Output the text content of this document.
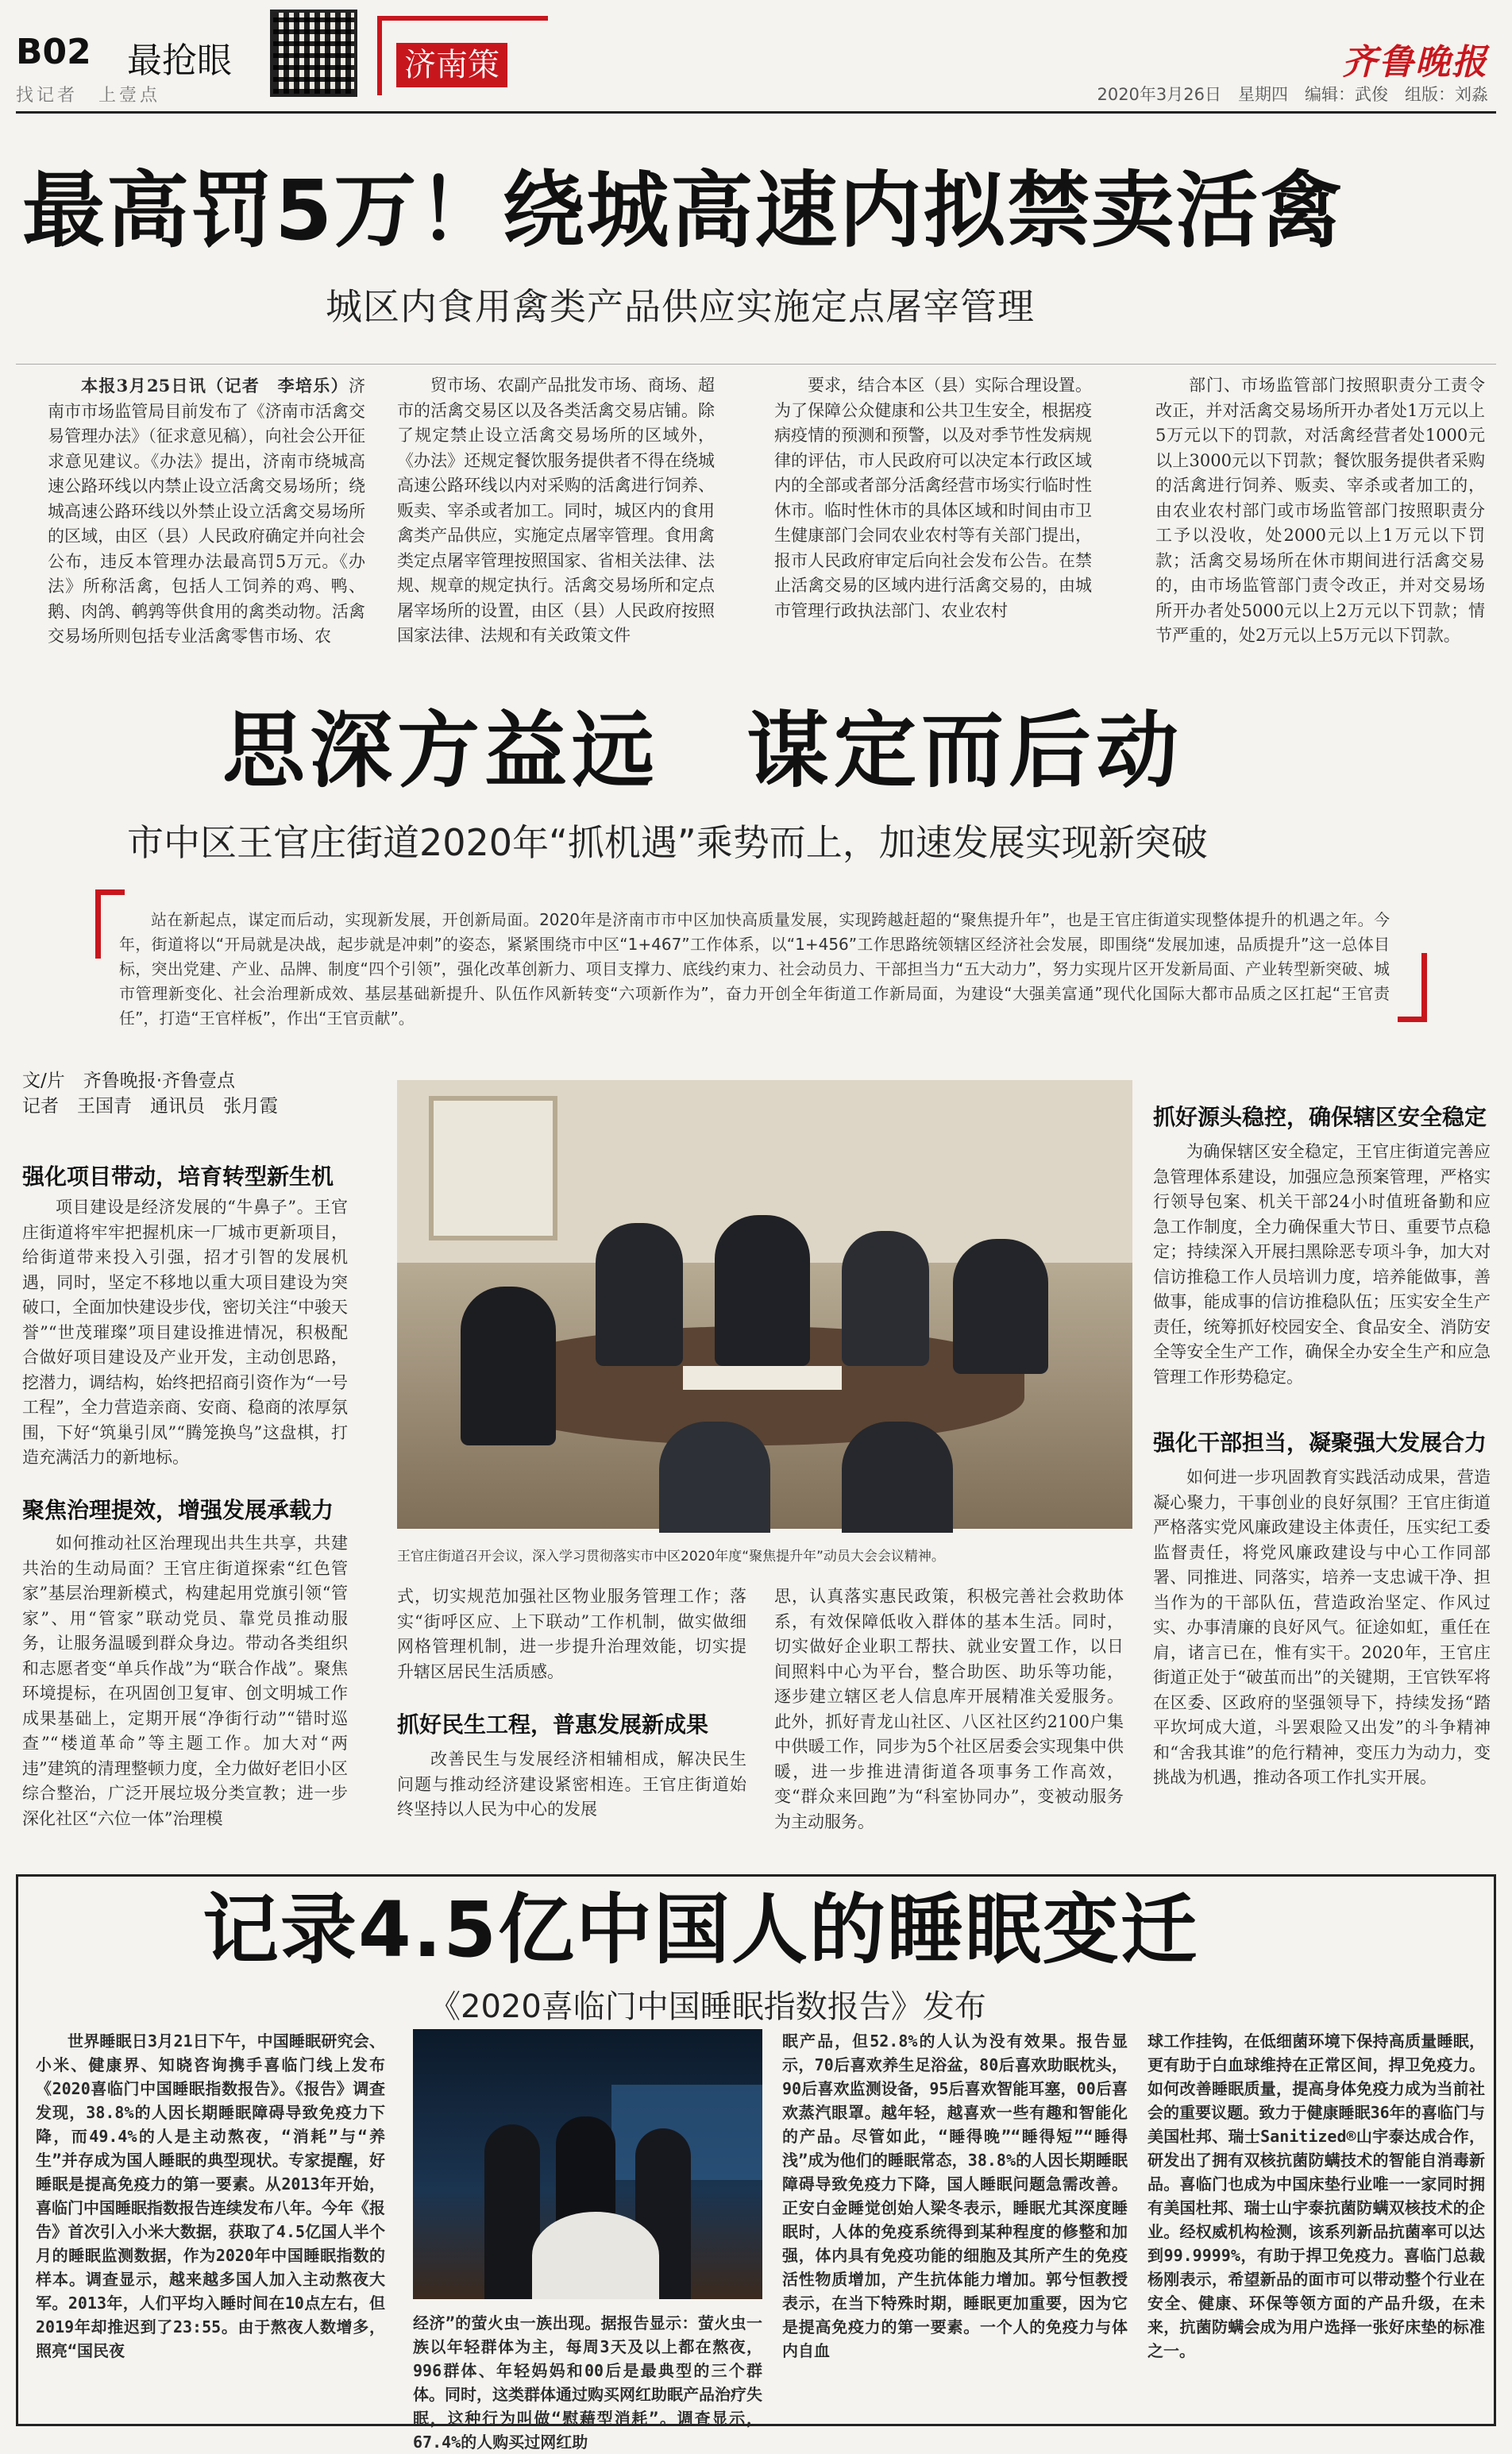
B02 最抢眼	济南策
找记者　上壹点
齐鲁晚报
2020年3月26日　星期四　编辑：武俊　组版：刘淼
最高罚5万！绕城高速内拟禁卖活禽
城区内食用禽类产品供应实施定点屠宰管理

本报3月25日讯（记者　李培乐）济南市市场监管局目前发布了《济南市活禽交易管理办法》（征求意见稿），向社会公开征求意见建议。《办法》提出，济南市绕城高速公路环线以内禁止设立活禽交易场所；绕城高速公路环线以外禁止设立活禽交易场所的区域，由区（县）人民政府确定并向社会公布，违反本管理办法最高罚5万元。《办法》所称活禽，包括人工饲养的鸡、鸭、鹅、肉鸽、鹌鹑等供食用的禽类动物。活禽交易场所则包括专业活禽零售市场、农

贸市场、农副产品批发市场、商场、超市的活禽交易区以及各类活禽交易店铺。除了规定禁止设立活禽交易场所的区域外，《办法》还规定餐饮服务提供者不得在绕城高速公路环线以内对采购的活禽进行饲养、贩卖、宰杀或者加工。同时，城区内的食用禽类产品供应，实施定点屠宰管理。食用禽类定点屠宰管理按照国家、省相关法律、法规、规章的规定执行。活禽交易场所和定点屠宰场所的设置，由区（县）人民政府按照国家法律、法规和有关政策文件

要求，结合本区（县）实际合理设置。为了保障公众健康和公共卫生安全，根据疫病疫情的预测和预警，以及对季节性发病规律的评估，市人民政府可以决定本行政区域内的全部或者部分活禽经营市场实行临时性休市。临时性休市的具体区域和时间由市卫生健康部门会同农业农村等有关部门提出，报市人民政府审定后向社会发布公告。在禁止活禽交易的区域内进行活禽交易的，由城市管理行政执法部门、农业农村

部门、市场监管部门按照职责分工责令改正，并对活禽交易场所开办者处1万元以上5万元以下的罚款，对活禽经营者处1000元以上3000元以下罚款；餐饮服务提供者采购的活禽进行饲养、贩卖、宰杀或者加工的，由农业农村部门或市场监管部门按照职责分工予以没收，处2000元以上1万元以下罚款；活禽交易场所在休市期间进行活禽交易的，由市场监管部门责令改正，并对交易场所开办者处5000元以上2万元以下罚款；情节严重的，处2万元以上5万元以下罚款。

思深方益远　谋定而后动
市中区王官庄街道2020年“抓机遇”乘势而上，加速发展实现新突破

站在新起点，谋定而后动，实现新发展，开创新局面。2020年是济南市市中区加快高质量发展，实现跨越赶超的“聚焦提升年”，也是王官庄街道实现整体提升的机遇之年。今年，街道将以“开局就是决战，起步就是冲刺”的姿态，紧紧围绕市中区“1+467”工作体系，以“1+456”工作思路统领辖区经济社会发展，即围绕“发展加速，品质提升”这一总体目标，突出党建、产业、品牌、制度“四个引领”，强化改革创新力、项目支撑力、底线约束力、社会动员力、干部担当力“五大动力”，努力实现片区开发新局面、产业转型新突破、城市管理新变化、社会治理新成效、基层基础新提升、队伍作风新转变“六项新作为”，奋力开创全年街道工作新局面，为建设“大强美富通”现代化国际大都市品质之区扛起“王官责任”，打造“王官样板”，作出“王官贡献”。

文/片　齐鲁晚报·齐鲁壹点
记者　王国青　通讯员　张月霞
强化项目带动，培育转型新生机

项目建设是经济发展的“牛鼻子”。王官庄街道将牢牢把握机床一厂城市更新项目，给街道带来投入引强，招才引智的发展机遇，同时，坚定不移地以重大项目建设为突破口，全面加快建设步伐，密切关注“中骏天誉”“世茂璀璨”项目建设推进情况，积极配合做好项目建设及产业开发，主动创思路，挖潜力，调结构，始终把招商引资作为“一号工程”，全力营造亲商、安商、稳商的浓厚氛围，下好“筑巢引凤”“腾笼换鸟”这盘棋，打造充满活力的新地标。

聚焦治理提效，增强发展承载力

如何推动社区治理现出共生共享，共建共治的生动局面？王官庄街道探索“红色管家”基层治理新模式，构建起用党旗引领“管家”、用“管家”联动党员、靠党员推动服务，让服务温暖到群众身边。带动各类组织和志愿者变“单兵作战”为“联合作战”。聚焦环境提标，在巩固创卫复审、创文明城工作成果基础上，定期开展“净街行动”“错时巡查”“楼道革命”等主题工作。加大对“两违”建筑的清理整顿力度，全力做好老旧小区综合整治，广泛开展垃圾分类宣教；进一步深化社区“六位一体”治理模

王官庄街道召开会议，深入学习贯彻落实市中区2020年度“聚焦提升年”动员大会会议精神。

式，切实规范加强社区物业服务管理工作；落实“街呼区应、上下联动”工作机制，做实做细网格管理机制，进一步提升治理效能，切实提升辖区居民生活质感。

抓好民生工程，普惠发展新成果

改善民生与发展经济相辅相成，解决民生问题与推动经济建设紧密相连。王官庄街道始终坚持以人民为中心的发展

思，认真落实惠民政策，积极完善社会救助体系，有效保障低收入群体的基本生活。同时，切实做好企业职工帮扶、就业安置工作，以日间照料中心为平台，整合助医、助乐等功能，逐步建立辖区老人信息库开展精准关爱服务。此外，抓好青龙山社区、八区社区约2100户集中供暖工作，同步为5个社区居委会实现集中供暖，进一步推进清街道各项事务工作高效，变“群众来回跑”为“科室协同办”，变被动服务为主动服务。

抓好源头稳控，确保辖区安全稳定

为确保辖区安全稳定，王官庄街道完善应急管理体系建设，加强应急预案管理，严格实行领导包案、机关干部24小时值班备勤和应急工作制度，全力确保重大节日、重要节点稳定；持续深入开展扫黑除恶专项斗争，加大对信访推稳工作人员培训力度，培养能做事，善做事，能成事的信访推稳队伍；压实安全生产责任，统筹抓好校园安全、食品安全、消防安全等安全生产工作，确保全办安全生产和应急管理工作形势稳定。

强化干部担当，凝聚强大发展合力

如何进一步巩固教育实践活动成果，营造凝心聚力，干事创业的良好氛围？王官庄街道严格落实党风廉政建设主体责任，压实纪工委监督责任，将党风廉政建设与中心工作同部署、同推进、同落实，培养一支忠诚干净、担当作为的干部队伍，营造政治坚定、作风过实、办事清廉的良好风气。征途如虹，重任在肩，诸言已在，惟有实干。2020年，王官庄街道正处于“破茧而出”的关键期，王官铁军将在区委、区政府的坚强领导下，持续发扬“踏平坎坷成大道，斗罢艰险又出发”的斗争精神和“舍我其谁”的危行精神，变压力为动力，变挑战为机遇，推动各项工作扎实开展。

记录4.5亿中国人的睡眠变迁
《2020喜临门中国睡眠指数报告》发布

世界睡眠日3月21日下午，中国睡眠研究会、小米、健康界、知晓咨询携手喜临门线上发布《2020喜临门中国睡眠指数报告》。《报告》调查发现，38.8%的人因长期睡眠障碍导致免疫力下降，而49.4%的人是主动熬夜，“消耗”与“养生”并存成为国人睡眠的典型现状。专家提醒，好睡眠是提高免疫力的第一要素。从2013年开始，喜临门中国睡眠指数报告连续发布八年。今年《报告》首次引入小米大数据，获取了4.5亿国人半个月的睡眠监测数据，作为2020年中国睡眠指数的样本。调查显示，越来越多国人加入主动熬夜大军。2013年，人们平均入睡时间在10点左右，但2019年却推迟到了23:55。由于熬夜人数增多，照亮“国民夜

经济”的萤火虫一族出现。据报告显示：萤火虫一族以年轻群体为主，每周3天及以上都在熬夜，996群体、年轻妈妈和00后是最典型的三个群体。同时，这类群体通过购买网红助眠产品治疗失眠，这种行为叫做“慰藉型消耗”。调查显示，67.4%的人购买过网红助

眠产品，但52.8%的人认为没有效果。报告显示，70后喜欢养生足浴盆，80后喜欢助眠枕头，90后喜欢监测设备，95后喜欢智能耳塞，00后喜欢蒸汽眼罩。越年轻，越喜欢一些有趣和智能化的产品。尽管如此，“睡得晚”“睡得短”“睡得浅”成为他们的睡眠常态，38.8%的人因长期睡眠障碍导致免疫力下降，国人睡眠问题急需改善。正安白金睡觉创始人梁冬表示，睡眠尤其深度睡眠时，人体的免疫系统得到某种程度的修整和加强，体内具有免疫功能的细胞及其所产生的免疫活性物质增加，产生抗体能力增加。郭兮恒教授表示，在当下特殊时期，睡眠更加重要，因为它是提高免疫力的第一要素。一个人的免疫力与体内自血

球工作挂钩，在低细菌环境下保持高质量睡眠，更有助于白血球维持在正常区间，捍卫免疫力。如何改善睡眠质量，提高身体免疫力成为当前社会的重要议题。致力于健康睡眠36年的喜临门与美国杜邦、瑞士Sanitized®山宇泰达成合作，研发出了拥有双核抗菌防螨技术的智能自消毒新品。喜临门也成为中国床垫行业唯一一家同时拥有美国杜邦、瑞士山宇泰抗菌防螨双核技术的企业。经权威机构检测，该系列新品抗菌率可以达到99.9999%，有助于捍卫免疫力。喜临门总裁杨刚表示，希望新品的面市可以带动整个行业在安全、健康、环保等领方面的产品升级，在未来，抗菌防螨会成为用户选择一张好床垫的标准之一。
